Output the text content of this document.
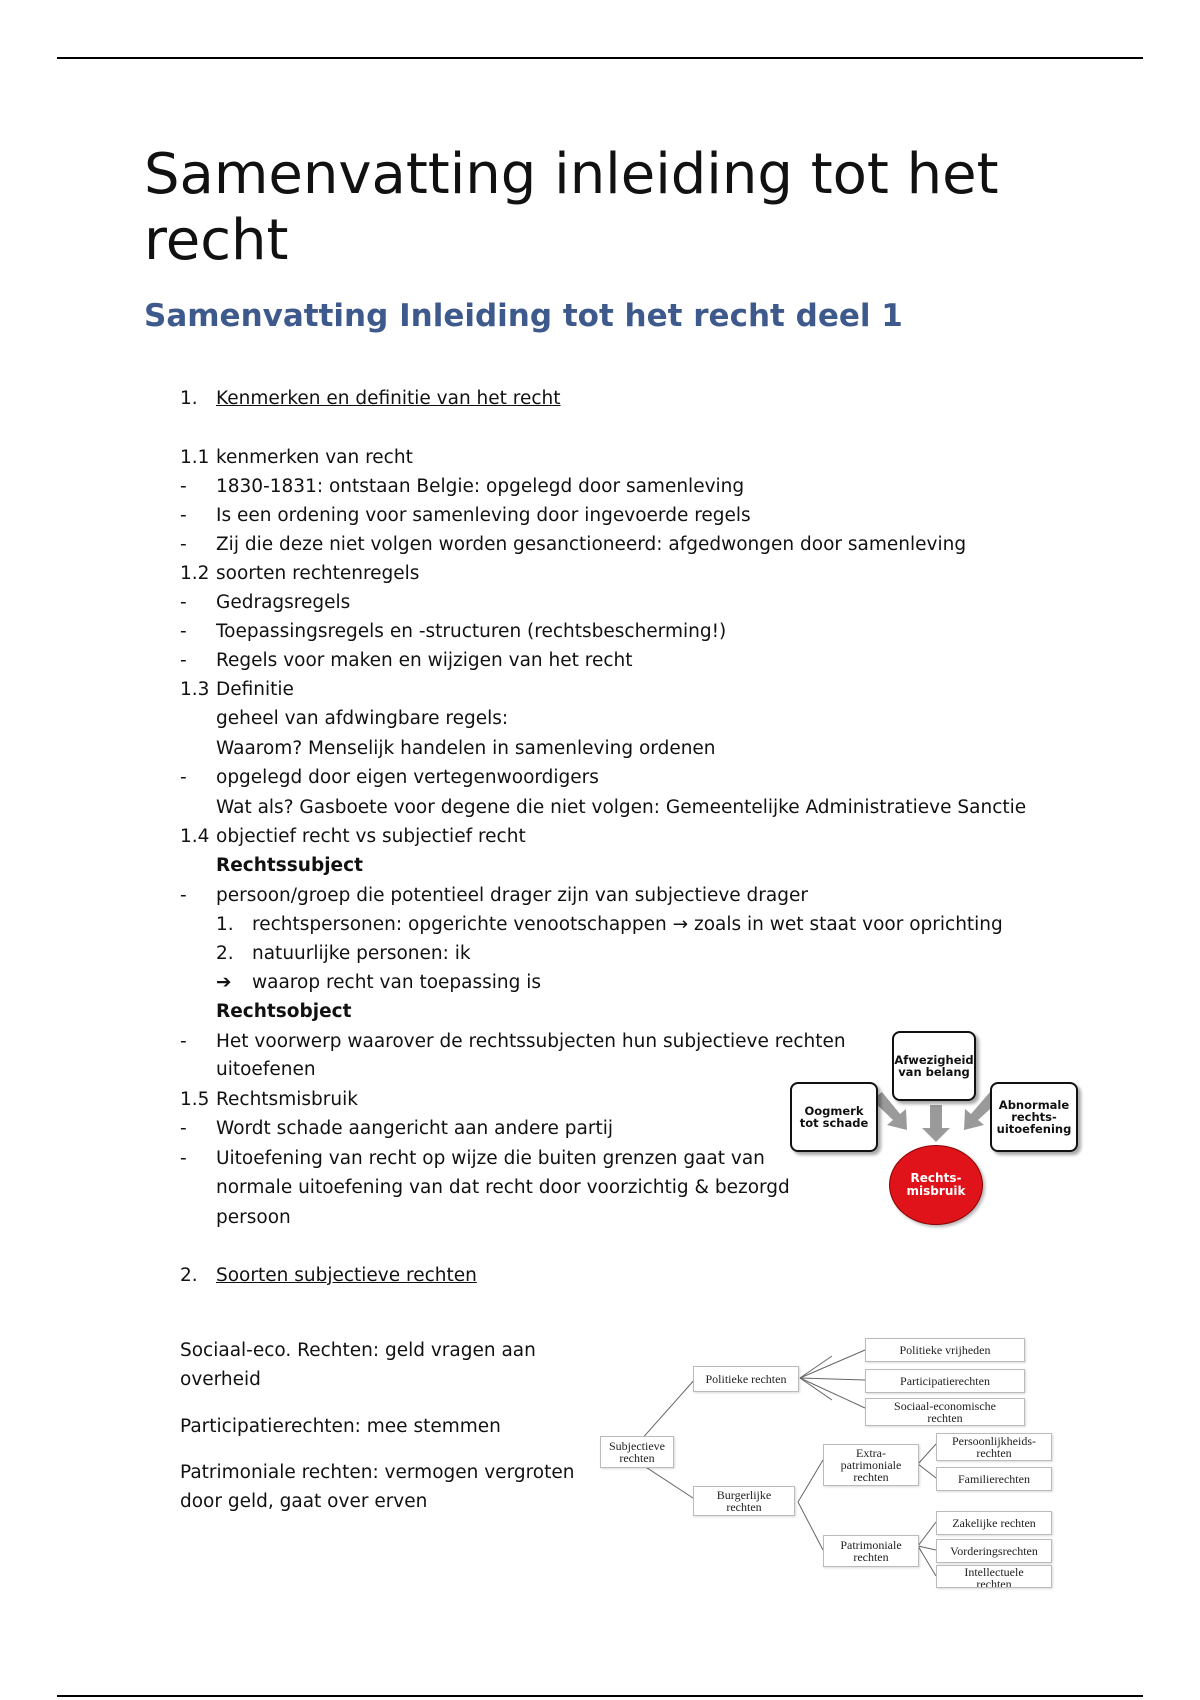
Samenvatting inleiding tot het recht
Samenvatting Inleiding tot het recht deel 1
1. Kenmerken en definitie van het recht
1.1 kenmerken van recht
- 1830-1831: ontstaan Belgie: opgelegd door samenleving
- Is een ordening voor samenleving door ingevoerde regels
- Zij die deze niet volgen worden gesanctioneerd: afgedwongen door samenleving
1.2 soorten rechtenregels
- Gedragsregels
- Toepassingsregels en -structuren (rechtsbescherming!)
- Regels voor maken en wijzigen van het recht
1.3 Definitie
geheel van afdwingbare regels:
Waarom? Menselijk handelen in samenleving ordenen
- opgelegd door eigen vertegenwoordigers
Wat als? Gasboete voor degene die niet volgen: Gemeentelijke Administratieve Sanctie
1.4 objectief recht vs subjectief recht
Rechtssubject
- persoon/groep die potentieel drager zijn van subjectieve drager
1. rechtspersonen: opgerichte venootschappen → zoals in wet staat voor oprichting
2. natuurlijke personen: ik
➔ waarop recht van toepassing is
Rechtsobject
- Het voorwerp waarover de rechtssubjecten hun subjectieve rechten
uitoefenen
1.5 Rechtsmisbruik
- Wordt schade aangericht aan andere partij
- Uitoefening van recht op wijze die buiten grenzen gaat van
normale uitoefening van dat recht door voorzichtig & bezorgd
persoon
Afwezigheid
van belang
Oogmerk
tot schade
Abnormale
rechts-
uitoefening
Rechts-
misbruik
2. Soorten subjectieve rechten
Sociaal-eco. Rechten: geld vragen aan
overheid
Participatierechten: mee stemmen
Patrimoniale rechten: vermogen vergroten
door geld, gaat over erven
Subjectieve
rechten
Politieke rechten
Politieke vrijheden
Participatierechten
Sociaal-economische rechten
Burgerlijke
rechten
Extra-
patrimoniale
rechten
Persoonlijkheids-
rechten
Familierechten
Patrimoniale
rechten
Zakelijke rechten
Vorderingsrechten
Intellectuele
rechten
